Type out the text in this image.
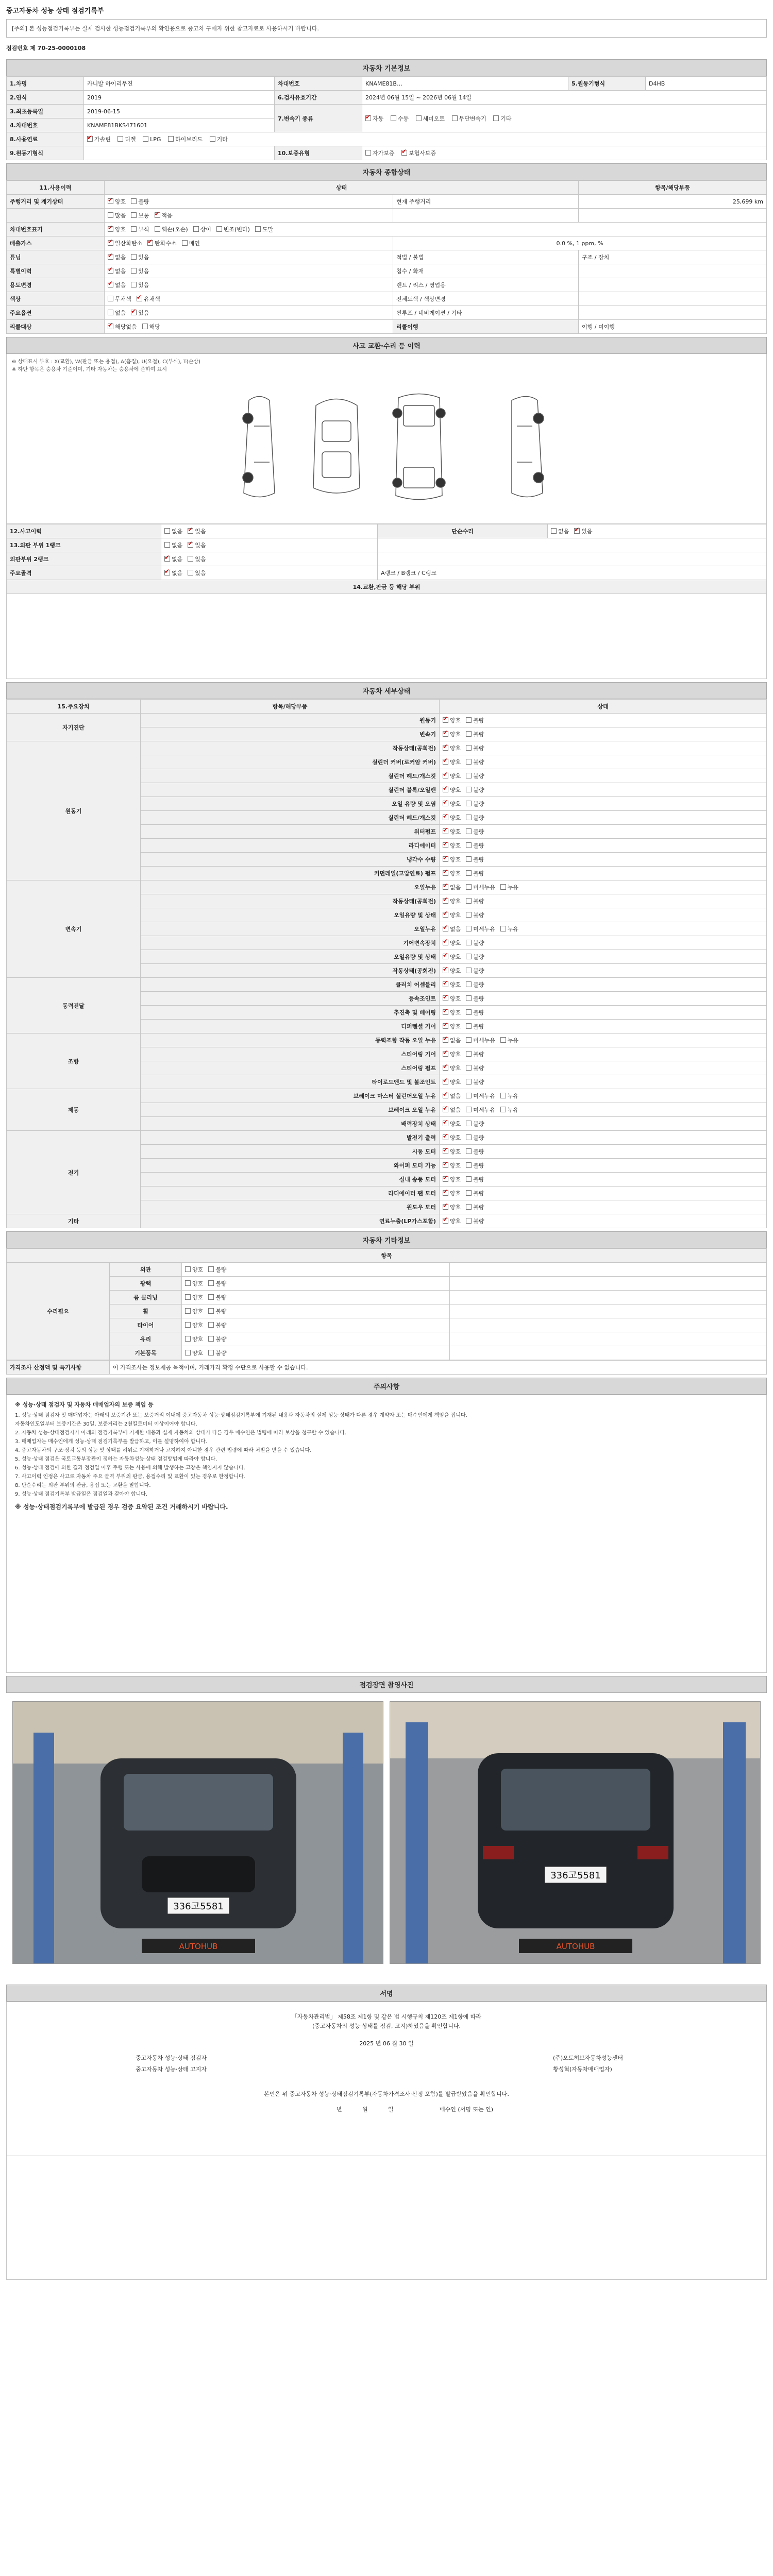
중고자동차 성능 상태 점검기록부
[주의] 본 성능점검기록부는 실제 검사한 성능점검기록부의 확인용으로 중고차 구매자 위한 참고자료로 사용하시기 바랍니다.
점검번호 제 70-25-0000108
자동차 기본정보
1.차명	카니발 하이리무진	차대번호	KNAME81B…	5.원동기형식	D4HB
2.연식	2019	6.검사유효기간	2024년 06월 15일 ~ 2026년 06월 14일		
3.최초등록일	2019-06-15	7.변속기 종류	✔자동 수동 세미오토 무단변속기 기타
4.차대번호	KNAME81BKS471601				
8.사용연료	✔가솔린 디젤 LPG 하이브리드 기타
9.원동기형식		10.보증유형	자가보증 ✔ 보험사보증
자동차 종합상태
11.사용이력	상태		항목/해당부품
주행거리 및 계기상태	✔양호 불량	현재 주행거리	25,699 km
	많음 보통 ✔ 적음		
차대번호표기	✔양호 부식 훼손(오손) 상이 변조(변타) 도말
배출가스	✔일산화탄소 ✔ 탄화수소 매연	0.0 %, 1 ppm, %	
튜닝	✔없음 있음	적법 / 불법	구조 / 장치
특별이력	✔없음 있음	침수 / 화재	
용도변경	✔없음 있음	렌트 / 리스 / 영업용	
색상	무채색 ✔ 유채색	전체도색 / 색상변경	
주요옵션	없음 ✔ 있음	썬루프 / 네비게이션 / 기타	
리콜대상	✔해당없음 해당	리콜이행	이행 / 미이행
사고 교환·수리 등 이력
※ 상태표시 부호 : X(교환), W(판금 또는 용접), A(흠집), U(요철), C(부식), T(손상)
※ 하단 항목은 승용차 기준이며, 기타 자동차는 승용차에 준하여 표시
12.사고이력	없음 ✔ 있음	단순수리	없음 ✔ 있음
13.외판 부위 1랭크	없음 ✔ 있음	
외판부위 2랭크	✔없음 있음	
주요골격	✔없음 있음	A랭크 / B랭크 / C랭크	
14.교환,판금 등 해당 부위			

자동차 세부상태
15.주요장치	항목/해당부품	상태
자기진단	원동기	✔양호 불량
	변속기	✔양호 불량
원동기	작동상태(공회전)	✔양호 불량
	실린더 커버(로커암 커버)	✔양호 불량
	실린더 헤드/개스킷	✔양호 불량
	실린더 블록/오일팬	✔양호 불량
	오일 유량 및 오염	✔양호 불량
	실린더 헤드/개스킷	✔양호 불량
	워터펌프	✔양호 불량
	라디에이터	✔양호 불량
	냉각수 수량	✔양호 불량
	커먼레일(고압연료) 펌프	✔양호 불량
변속기	오일누유	✔없음 미세누유 누유
	작동상태(공회전)	✔양호 불량
	오일유량 및 상태	✔양호 불량
	오일누유	✔없음 미세누유 누유
	기어변속장치	✔양호 불량
	오일유량 및 상태	✔양호 불량
	작동상태(공회전)	✔양호 불량
동력전달	클러치 어셈블리	✔양호 불량
	등속조인트	✔양호 불량
	추진축 및 베어링	✔양호 불량
	디퍼렌셜 기어	✔양호 불량
조향	동력조향 작동 오일 누유	✔없음 미세누유 누유
	스티어링 기어	✔양호 불량
	스티어링 펌프	✔양호 불량
	타이로드엔드 및 볼조인트	✔양호 불량
제동	브레이크 마스터 실린더오일 누유	✔없음 미세누유 누유
	브레이크 오일 누유	✔없음 미세누유 누유
	배력장치 상태	✔양호 불량
전기	발전기 출력	✔양호 불량
	시동 모터	✔양호 불량
	와이퍼 모터 기능	✔양호 불량
	실내 송풍 모터	✔양호 불량
	라디에이터 팬 모터	✔양호 불량
	윈도우 모터	✔양호 불량
기타	연료누출(LP가스포함)	✔양호 불량
자동차 기타정보
항목			
수리필요	외관	양호 불량	
	광택	양호 불량	
	룸 클리닝	양호 불량	
	휠	양호 불량	
	타이어	양호 불량	
	유리	양호 불량	
	기본품목	양호 불량	
가격조사 산정액 및 특기사항	이 가격조사는 정보제공 목적이며, 거래가격 확정 수단으로 사용할 수 없습니다.
주의사항
※ 성능·상태 점검자 및 자동차 매매업자의 보증 책임 등
1. 성능·상태 점검자 및 매매업자는 아래의 보증기간 또는 보증거리 이내에 중고자동차 성능·상태점검기록부에 기재된 내용과 자동차의 실제 성능·상태가 다른 경우 계약자 또는 매수인에게 책임을 집니다.
자동차인도일부터 보증기간은 30일, 보증거리는 2천킬로미터 이상이어야 합니다.
2. 자동차 성능·상태점검자가 아래의 점검기록부에 기재한 내용과 실제 자동차의 상태가 다른 경우 매수인은 법령에 따라 보상을 청구할 수 있습니다.
3. 매매업자는 매수인에게 성능·상태 점검기록부를 발급하고, 이를 설명하여야 합니다.
4. 중고자동차의 구조·장치 등의 성능 및 상태를 허위로 기재하거나 고지하지 아니한 경우 관련 법령에 따라 처벌을 받을 수 있습니다.
5. 성능·상태 점검은 국토교통부장관이 정하는 자동차성능·상태 점검방법에 따라야 합니다.
6. 성능·상태 점검에 의한 결과 점검일 이후 주행 또는 사용에 의해 발생하는 고장은 책임지지 않습니다.
7. 사고이력 인정은 사고로 자동차 주요 골격 부위의 판금, 용접수리 및 교환이 있는 경우로 한정합니다.
8. 단순수리는 외판 부위의 판금, 용접 또는 교환을 말합니다.
9. 성능·상태 점검기록부 발급일은 점검일과 같아야 합니다.
※ 성능·상태점검기록부에 발급된 경우 검증 요약된 조건 거래하시기 바랍니다.
점검장면 촬영사진
336고5581
AUTOHUB
336고5581
AUTOHUB
서명
「자동차관리법」 제58조 제1항 및 같은 법 시행규칙 제120조 제1항에 따라
(중고자동차의 성능·상태를 점검, 고지)하였음을 확인합니다.
2025 년 06 월 30 일
중고자동차 성능·상태 점검자	(주)오토허브자동차성능센터
중고자동차 성능·상태 고지자	황성혁(자동차매매업자)
본인은 위 중고자동차 성능·상태점검기록부(자동차가격조사·산정 포함)를 발급받았음을 확인합니다.
년	월	일	매수인 (서명 또는 인)
